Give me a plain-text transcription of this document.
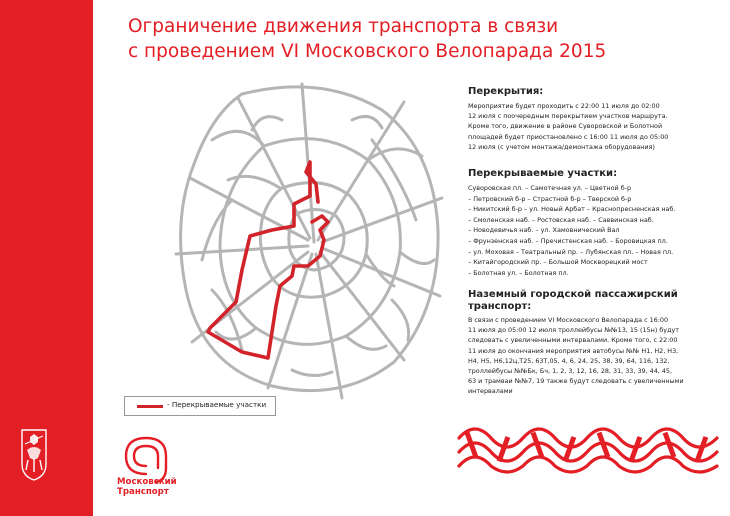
Ограничение движения транспорта в связи
с проведением VI Московского Велопарада 2015
- Перекрываемые участки

Перекрытия:

Мероприятие будет проходить с 22:00 11 июля до 02:00

12 июля с поочередным перекрытием участков маршрута.

Кроме того, движение в районе Суворовской и Болотной

площадей будет приостановлено с 16:00 11 июля до 05:00

12 июля (с учетом монтажа/демонтажа оборудования)

Перекрываемые участки:

Суворовская пл. – Самотечная ул. – Цветной б-р
– Петровский б-р – Страстной б-р – Тверской б-р
– Никитский б-р – ул. Новый Арбат – Краснопресненская наб.
– Смоленская наб. – Ростовская наб. – Саввинская наб.
– Новодевичья наб. – ул. Хамовнический Вал
– Фрунзенская наб. – Пречистенская наб. – Боровицкая пл.
– ул. Моховая – Театральный пр. – Лубянская пл. – Новая пл.
– Китайгородский пр. – Большой Москворецкий мост
– Болотная ул. – Болотная пл.

Наземный городской пассажирский

транспорт:

В связи с проведением VI Московского Велопарада с 16:00

11 июля до 05:00 12 июля троллейбусы №№13, 15 (15н) будут

следовать с увеличенными интервалами. Кроме того, с 22:00

11 июля до окончания мероприятия автобусы №№ Н1, Н2, Н3,

Н4, Н5, Н6,12ц,Т25, 63Т,05, 4, 6, 24, 25, 38, 39, 64, 116, 132,

троллейбусы №№Бк, Бч, 1, 2, 3, 12, 16, 28, 31, 33, 39, 44, 45,

63 и трамваи №№7, 19 также будут следовать с увеличенными

интервалами

Московский
Транспорт
